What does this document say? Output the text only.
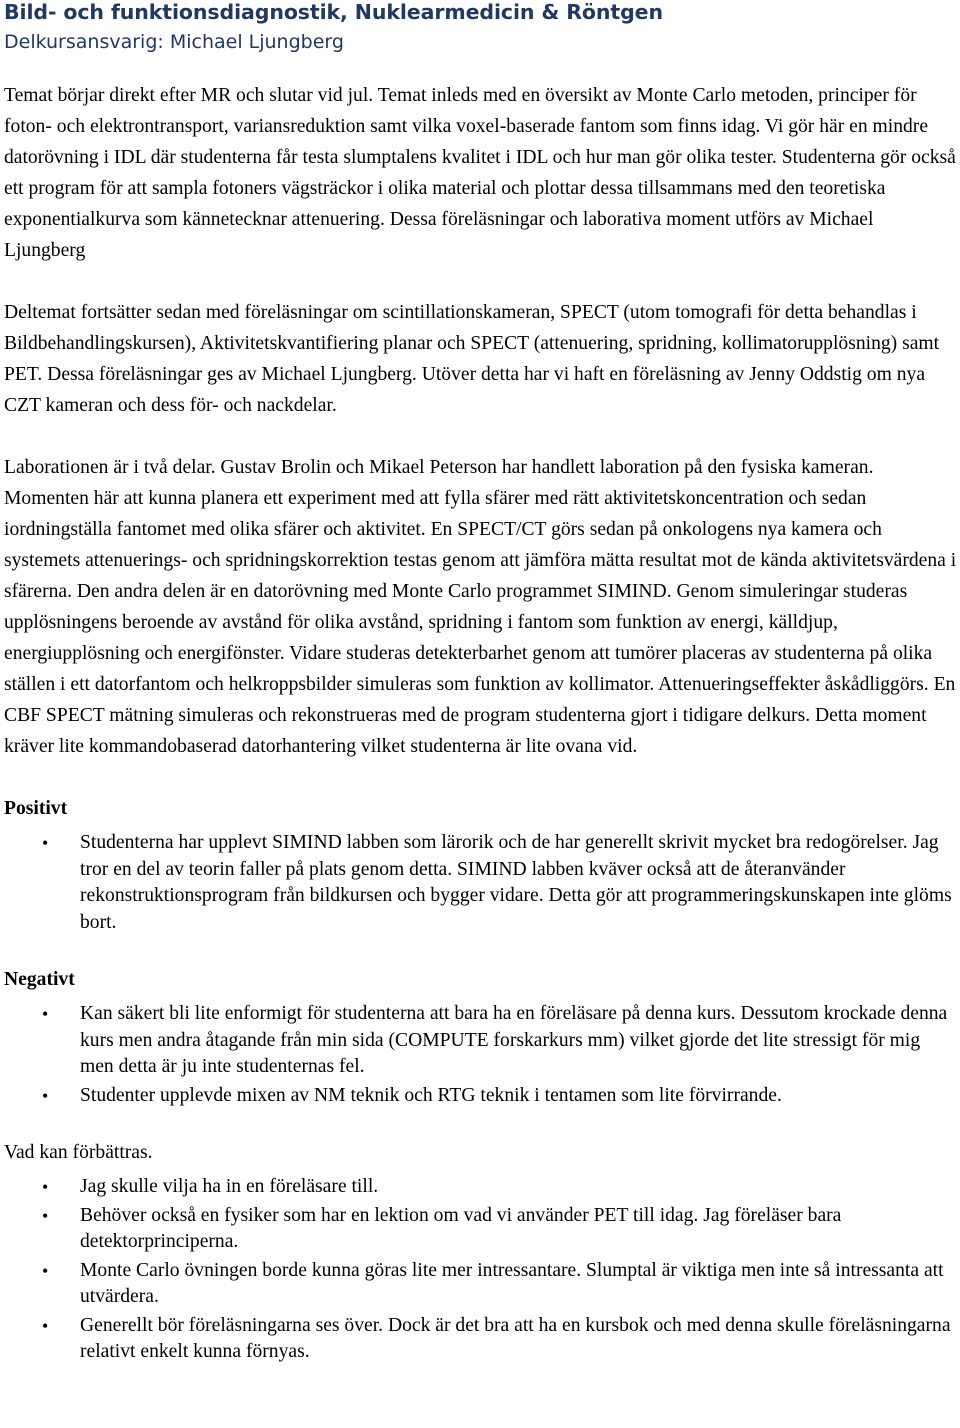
Bild- och funktionsdiagnostik, Nuklearmedicin & Röntgen
Delkursansvarig: Michael Ljungberg

Temat börjar direkt efter MR och slutar vid jul. Temat inleds med en översikt av Monte Carlo metoden, principer för foton- och elektrontransport, variansreduktion samt vilka voxel-baserade fantom som finns idag. Vi gör här en mindre datorövning i IDL där studenterna får testa slumptalens kvalitet i IDL och hur man gör olika tester. Studenterna gör också ett program för att sampla fotoners vägsträckor i olika material och plottar dessa tillsammans med den teoretiska exponentialkurva som kännetecknar attenuering. Dessa föreläsningar och laborativa moment utförs av Michael Ljungberg

Deltemat fortsätter sedan med föreläsningar om scintillationskameran, SPECT (utom tomografi för detta behandlas i Bildbehandlingskursen), Aktivitetskvantifiering planar och SPECT (attenuering, spridning, kollimatorupplösning) samt PET. Dessa föreläsningar ges av Michael Ljungberg. Utöver detta har vi haft en föreläsning av Jenny Oddstig om nya CZT kameran och dess för- och nackdelar.

Laborationen är i två delar. Gustav Brolin och Mikael Peterson har handlett laboration på den fysiska kameran. Momenten här att kunna planera ett experiment med att fylla sfärer med rätt aktivitetskoncentration och sedan iordningställa fantomet med olika sfärer och aktivitet. En SPECT/CT görs sedan på onkologens nya kamera och systemets attenuerings- och spridningskorrektion testas genom att jämföra mätta resultat mot de kända aktivitetsvärdena i sfärerna. Den andra delen är en datorövning med Monte Carlo programmet SIMIND. Genom simuleringar studeras upplösningens beroende av avstånd för olika avstånd, spridning i fantom som funktion av energi, källdjup, energiupplösning och energifönster. Vidare studeras detekterbarhet genom att tumörer placeras av studenterna på olika ställen i ett datorfantom och helkroppsbilder simuleras som funktion av kollimator. Attenueringseffekter åskådliggörs. En CBF SPECT mätning simuleras och rekonstrueras med de program studenterna gjort i tidigare delkurs. Detta moment kräver lite kommandobaserad datorhantering vilket studenterna är lite ovana vid.

Positivt
• Studenterna har upplevt SIMIND labben som lärorik och de har generellt skrivit mycket bra redogörelser. Jag tror en del av teorin faller på plats genom detta. SIMIND labben kväver också att de återanvänder rekonstruktionsprogram från bildkursen och bygger vidare. Detta gör att programmeringskunskapen inte glöms bort.
Negativt
• Kan säkert bli lite enformigt för studenterna att bara ha en föreläsare på denna kurs. Dessutom krockade denna kurs men andra åtagande från min sida (COMPUTE forskarkurs mm) vilket gjorde det lite stressigt för mig men detta är ju inte studenternas fel.
• Studenter upplevde mixen av NM teknik och RTG teknik i tentamen som lite förvirrande.
Vad kan förbättras.
• Jag skulle vilja ha in en föreläsare till.
• Behöver också en fysiker som har en lektion om vad vi använder PET till idag. Jag föreläser bara detektorprinciperna.
• Monte Carlo övningen borde kunna göras lite mer intressantare. Slumptal är viktiga men inte så intressanta att utvärdera.
• Generellt bör föreläsningarna ses över. Dock är det bra att ha en kursbok och med denna skulle föreläsningarna relativt enkelt kunna förnyas.
